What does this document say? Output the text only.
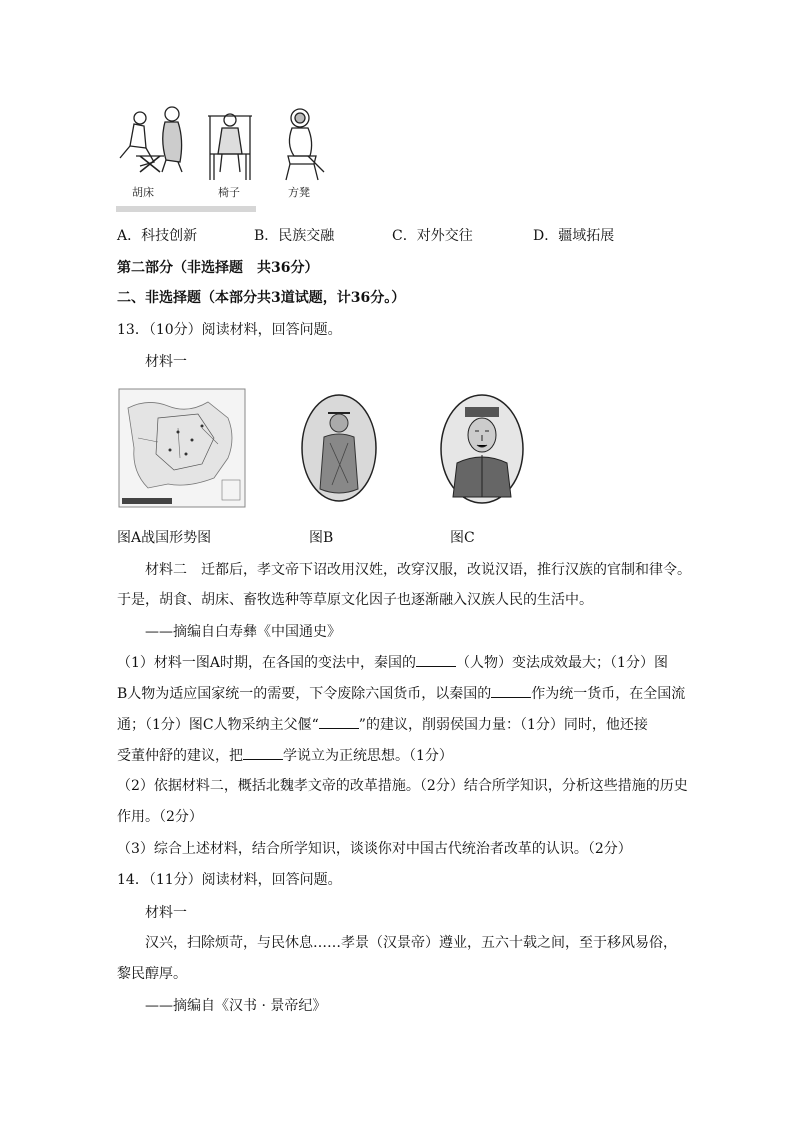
胡床	椅子	方凳
A．科技创新	B．民族交融	C．对外交往	D．疆域拓展
第二部分（非选择题　共36分）
二、非选择题（本部分共3道试题，计36分。）
13．（10分）阅读材料，回答问题。
材料一
图A战国形势图	图B	图C
材料二　迁都后，孝文帝下诏改用汉姓，改穿汉服，改说汉语，推行汉族的官制和律令。
于是，胡食、胡床、畜牧选种等草原文化因子也逐渐融入汉族人民的生活中。
——摘编自白寿彝《中国通史》
（1）材料一图A时期，在各国的变法中，秦国的	（人物）变法成效最大；（1分）图
B人物为适应国家统一的需要，下令废除六国货币，以秦国的	作为统一货币，在全国流
通；（1分）图C人物采纳主父偃“	”的建议，削弱侯国力量：（1分）同时，他还接
受董仲舒的建议，把	学说立为正统思想。（1分）
（2）依据材料二，概括北魏孝文帝的改革措施。（2分）结合所学知识，分析这些措施的历史
作用。（2分）
（3）综合上述材料，结合所学知识，谈谈你对中国古代统治者改革的认识。（2分）
14．（11分）阅读材料，回答问题。
材料一
汉兴，扫除烦苛，与民休息……孝景（汉景帝）遵业，五六十载之间，至于移风易俗，
黎民醇厚。
——摘编自《汉书 · 景帝纪》
